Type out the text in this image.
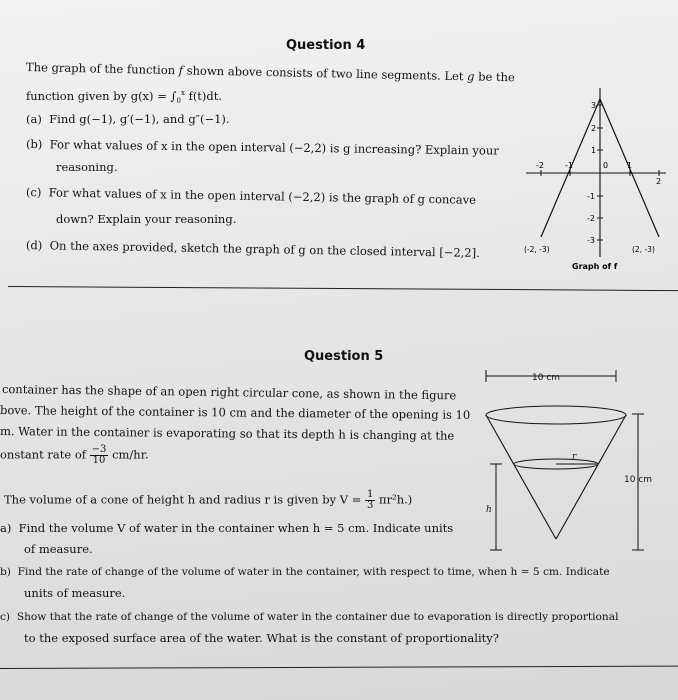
Question 4
The graph of the function f shown above consists of two line segments. Let g be the
function given by $g(x) = \int_0^x$ f(t)dt.
(a) Find g(−1), g′(−1), and g″(−1).
(b) For what values of x in the open interval (−2,2) is g increasing? Explain your
reasoning.
(c) For what values of x in the open interval (−2,2) is the graph of g concave
down? Explain your reasoning.
(d) On the axes provided, sketch the graph of g on the closed interval [−2,2].
3
2
1
-1
-2
-3
-2	-1	0 1
2
(-2, -3)	(2, -3)
Graph of f
Question 5
container has the shape of an open right circular cone, as shown in the figure
bove. The height of the container is 10 cm and the diameter of the opening is 10
m. Water in the container is evaporating so that its depth h is changing at the
onstant rate of $\frac{-3}{10} cm/hr$.
The volume of a cone of height h and radius r is given by $V = \frac{1}{3} \pi r^2h$.)
a) Find the volume V of water in the container when h = 5 cm. Indicate units
of measure.
b) Find the rate of change of the volume of water in the container, with respect to time, when h = 5 cm. Indicate
units of measure.
c) Show that the rate of change of the volume of water in the container due to evaporation is directly proportional
to the exposed surface area of the water. What is the constant of proportionality?
10 cm
r
h
10 cm
